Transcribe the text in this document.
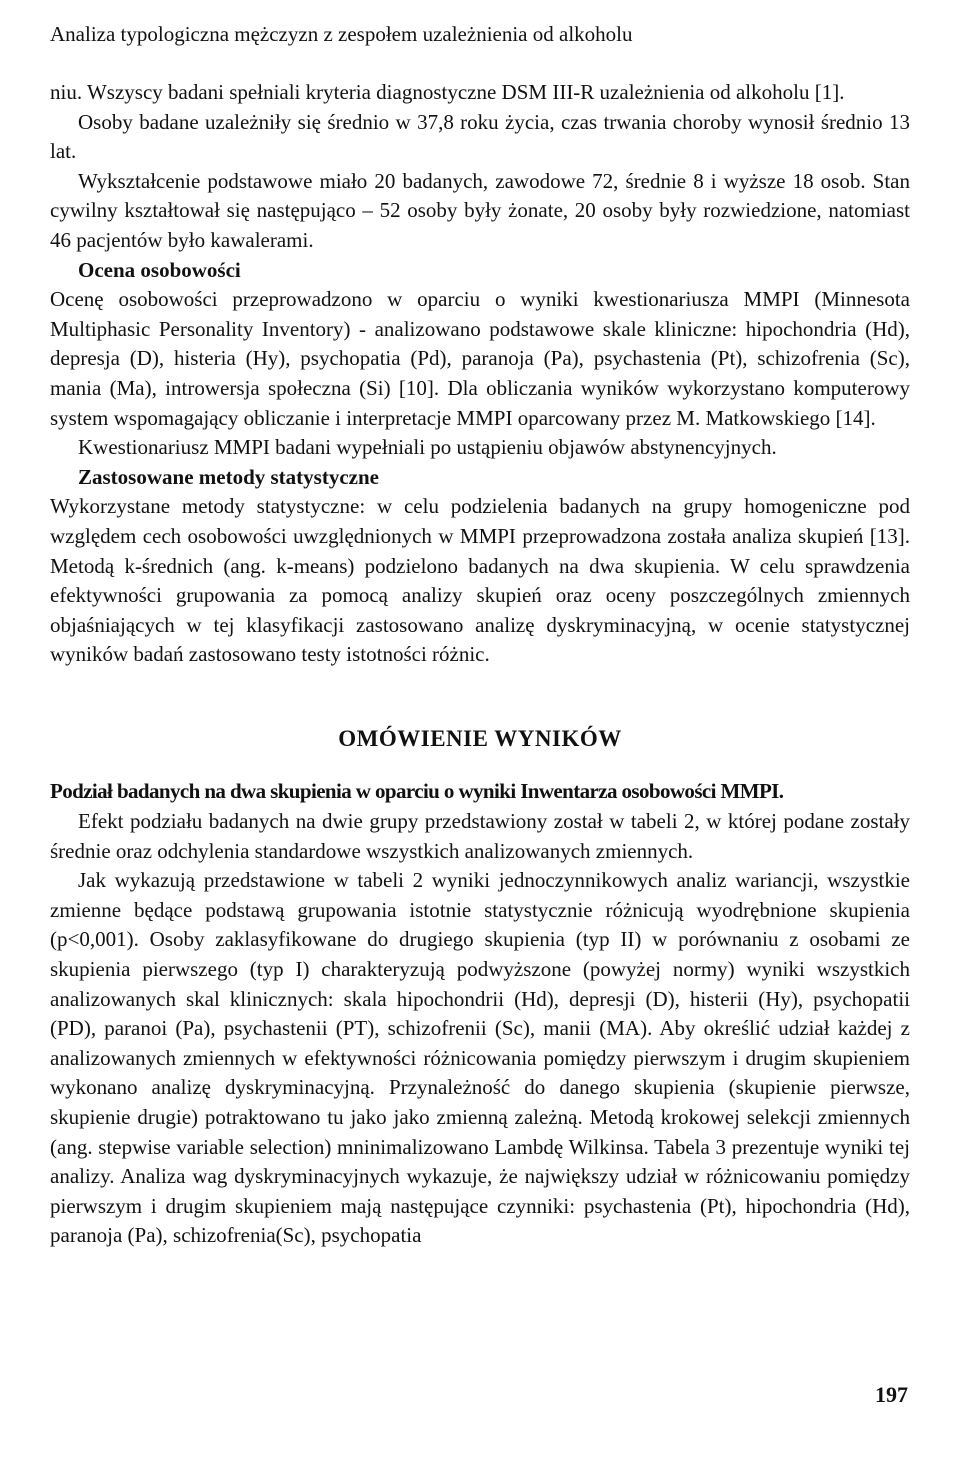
Analiza typologiczna mężczyzn z zespołem uzależnienia od alkoholu

niu. Wszyscy badani spełniali kryteria diagnostyczne DSM III-R uzależnienia od alkoholu [1].

Osoby badane uzależniły się średnio w 37,8 roku życia, czas trwania choroby wynosił średnio 13 lat.

Wykształcenie podstawowe miało 20 badanych, zawodowe 72, średnie 8 i wyższe 18 osob. Stan cywilny kształtował się następująco – 52 osoby były żonate, 20 osoby były rozwiedzione, natomiast 46 pacjentów było kawalerami.

Ocena osobowości

Ocenę osobowości przeprowadzono w oparciu o wyniki kwestionariusza MMPI (Minnesota Multiphasic Personality Inventory) - analizowano podstawowe skale kliniczne: hipochondria (Hd), depresja (D), histeria (Hy), psychopatia (Pd), paranoja (Pa), psychastenia (Pt), schizofrenia (Sc), mania (Ma), introwersja społeczna (Si) [10]. Dla obliczania wyników wykorzystano komputerowy system wspomagający obliczanie i interpretacje MMPI oparcowany przez M. Matkowskiego [14].

Kwestionariusz MMPI badani wypełniali po ustąpieniu objawów abstynencyjnych.

Zastosowane metody statystyczne

Wykorzystane metody statystyczne: w celu podzielenia badanych na grupy homogeniczne pod względem cech osobowości uwzględnionych w MMPI przeprowadzona została analiza skupień [13]. Metodą k-średnich (ang. k-means) podzielono badanych na dwa skupienia. W celu sprawdzenia efektywności grupowania za pomocą analizy skupień oraz oceny poszczególnych zmiennych objaśniających w tej klasyfikacji zastosowano analizę dyskryminacyjną, w ocenie statystycznej wyników badań zastosowano testy istotności różnic.

OMÓWIENIE WYNIKÓW

Podział badanych na dwa skupienia w oparciu o wyniki Inwentarza osobowości MMPI.

Efekt podziału badanych na dwie grupy przedstawiony został w tabeli 2, w której podane zostały średnie oraz odchylenia standardowe wszystkich analizowanych zmiennych.

Jak wykazują przedstawione w tabeli 2 wyniki jednoczynnikowych analiz wariancji, wszystkie zmienne będące podstawą grupowania istotnie statystycznie różnicują wyodrębnione skupienia (p<0,001). Osoby zaklasyfikowane do drugiego skupienia (typ II) w porównaniu z osobami ze skupienia pierwszego (typ I) charakteryzują podwyższone (powyżej normy) wyniki wszystkich analizowanych skal klinicznych: skala hipochondrii (Hd), depresji (D), histerii (Hy), psychopatii (PD), paranoi (Pa), psychastenii (PT), schizofrenii (Sc), manii (MA). Aby określić udział każdej z analizowanych zmiennych w efektywności różnicowania pomiędzy pierwszym i drugim skupieniem wykonano analizę dyskryminacyjną. Przynależność do danego skupienia (skupienie pierwsze, skupienie drugie) potraktowano tu jako jako zmienną zależną. Metodą krokowej selekcji zmiennych (ang. stepwise variable selection) mninimalizowano Lambdę Wilkinsa. Tabela 3 prezentuje wyniki tej analizy. Analiza wag dyskryminacyjnych wykazuje, że największy udział w różnicowaniu pomiędzy pierwszym i drugim skupieniem mają następujące czynniki: psychastenia (Pt), hipochondria (Hd), paranoja (Pa), schizofrenia(Sc), psychopatia

197
